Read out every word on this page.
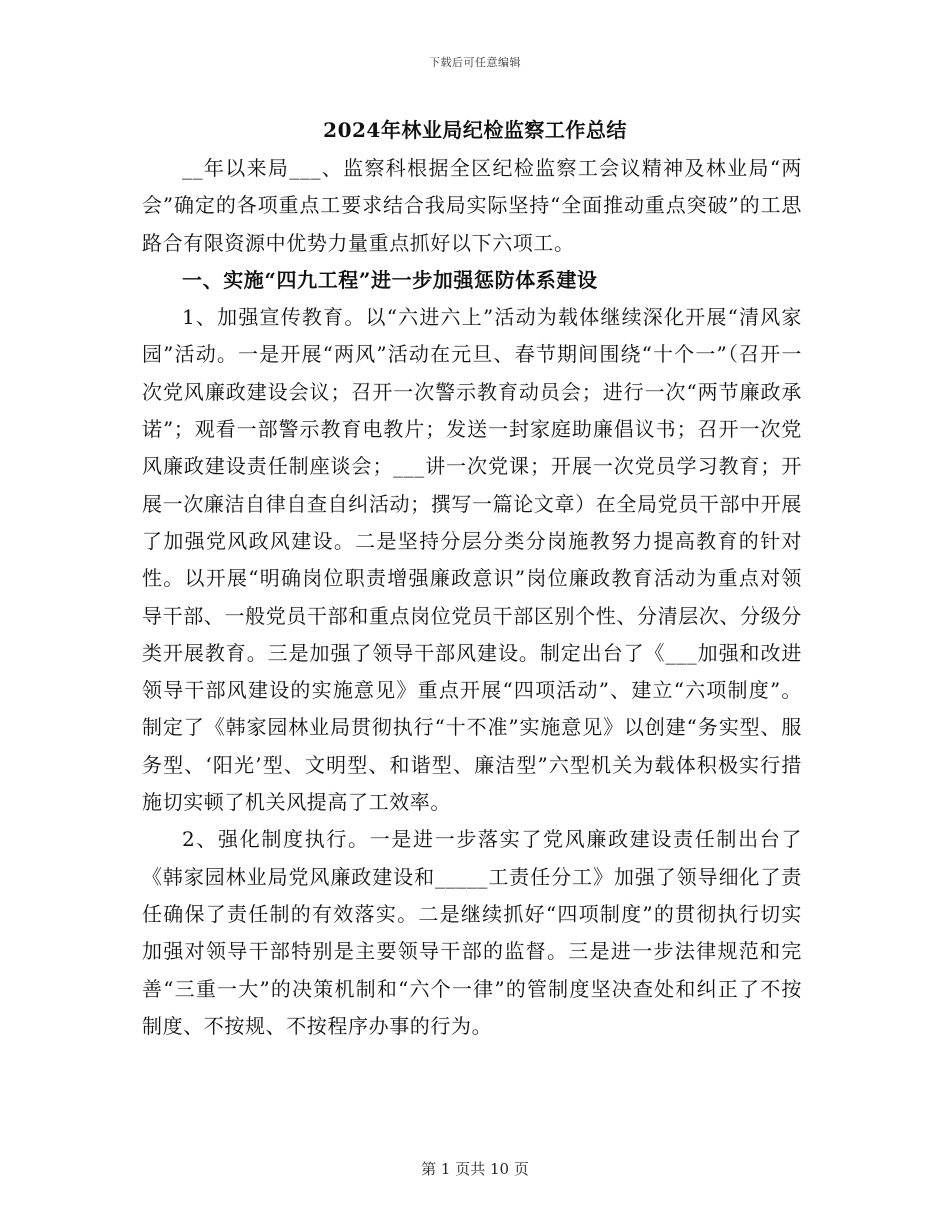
下载后可任意编辑
2024年林业局纪检监察工作总结

__年以来局___、监察科根据全区纪检监察工会议精神及林业局“两会”确定的各项重点工要求结合我局实际坚持“全面推动重点突破”的工思路合有限资源中优势力量重点抓好以下六项工。

一、实施“四九工程”进一步加强惩防体系建设

1、加强宣传教育。以“六进六上”活动为载体继续深化开展“清风家园”活动。一是开展“两风”活动在元旦、春节期间围绕“十个一”（召开一次党风廉政建设会议；召开一次警示教育动员会；进行一次“两节廉政承诺”；观看一部警示教育电教片；发送一封家庭助廉倡议书；召开一次党风廉政建设责任制座谈会；___讲一次党课；开展一次党员学习教育；开展一次廉洁自律自查自纠活动；撰写一篇论文章）在全局党员干部中开展了加强党风政风建设。二是坚持分层分类分岗施教努力提高教育的针对性。以开展“明确岗位职责增强廉政意识”岗位廉政教育活动为重点对领导干部、一般党员干部和重点岗位党员干部区别个性、分清层次、分级分类开展教育。三是加强了领导干部风建设。制定出台了《___加强和改进领导干部风建设的实施意见》重点开展“四项活动”、建立“六项制度”。制定了《韩家园林业局贯彻执行“十不准”实施意见》以创建“务实型、服务型、‘阳光’型、文明型、和谐型、廉洁型”六型机关为载体积极实行措施切实顿了机关风提高了工效率。

2、强化制度执行。一是进一步落实了党风廉政建设责任制出台了《韩家园林业局党风廉政建设和_____工责任分工》加强了领导细化了责任确保了责任制的有效落实。二是继续抓好“四项制度”的贯彻执行切实加强对领导干部特别是主要领导干部的监督。三是进一步法律规范和完善“三重一大”的决策机制和“六个一律”的管制度坚决查处和纠正了不按制度、不按规、不按程序办事的行为。

第 1 页共 10 页
